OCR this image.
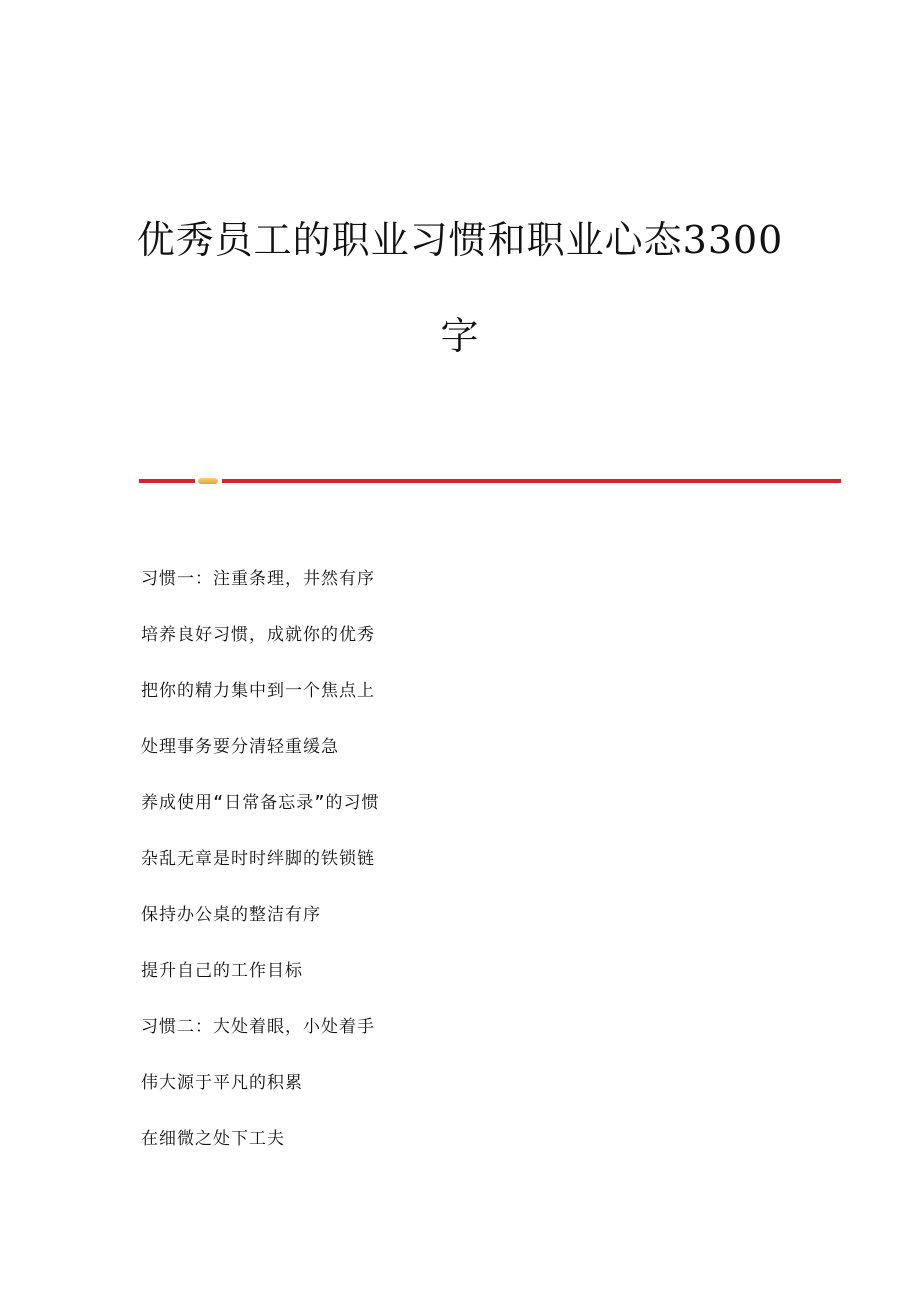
优秀员工的职业习惯和职业心态3300
字
习惯一：注重条理，井然有序
培养良好习惯，成就你的优秀
把你的精力集中到一个焦点上
处理事务要分清轻重缓急
养成使用“日常备忘录”的习惯
杂乱无章是时时绊脚的铁锁链
保持办公桌的整洁有序
提升自己的工作目标
习惯二：大处着眼，小处着手
伟大源于平凡的积累
在细微之处下工夫
